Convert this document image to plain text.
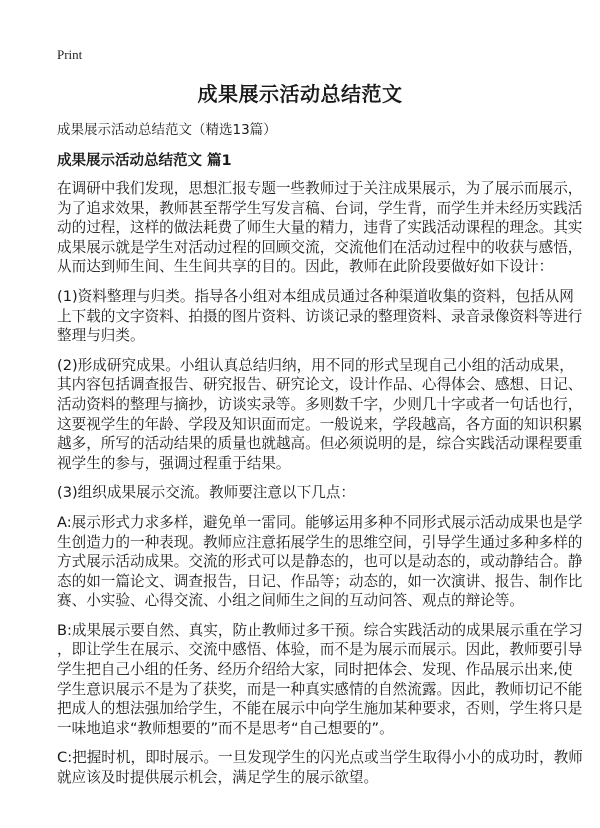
Print
成果展示活动总结范文
成果展示活动总结范文（精选13篇）
成果展示活动总结范文 篇1
在调研中我们发现，思想汇报专题一些教师过于关注成果展示，为了展示而展示，
为了追求效果，教师甚至帮学生写发言稿、台词，学生背，而学生并未经历实践活
动的过程，这样的做法耗费了师生大量的精力，违背了实践活动课程的理念。其实
成果展示就是学生对活动过程的回顾交流，交流他们在活动过程中的收获与感悟，
从而达到师生间、生生间共享的目的。因此，教师在此阶段要做好如下设计：
(1)资料整理与归类。指导各小组对本组成员通过各种渠道收集的资料，包括从网
上下载的文字资料、拍摄的图片资料、访谈记录的整理资料、录音录像资料等进行
整理与归类。
(2)形成研究成果。小组认真总结归纳，用不同的形式呈现自己小组的活动成果，
其内容包括调查报告、研究报告、研究论文，设计作品、心得体会、感想、日记、
活动资料的整理与摘抄，访谈实录等。多则数千字，少则几十字或者一句话也行，
这要视学生的年龄、学段及知识面而定。一般说来，学段越高，各方面的知识积累
越多，所写的活动结果的质量也就越高。但必须说明的是，综合实践活动课程要重
视学生的参与，强调过程重于结果。
(3)组织成果展示交流。教师要注意以下几点：
A:展示形式力求多样，避免单一雷同。能够运用多种不同形式展示活动成果也是学
生创造力的一种表现。教师应注意拓展学生的思维空间，引导学生通过多种多样的
方式展示活动成果。交流的形式可以是静态的，也可以是动态的，或动静结合。静
态的如一篇论文、调查报告，日记、作品等；动态的，如一次演讲、报告、制作比
赛、小实验、心得交流、小组之间师生之间的互动问答、观点的辩论等。
B:成果展示要自然、真实，防止教师过多干预。综合实践活动的成果展示重在学习
，即让学生在展示、交流中感悟、体验，而不是为展示而展示。因此，教师要引导
学生把自己小组的任务、经历介绍给大家，同时把体会、发现、作品展示出来,使
学生意识展示不是为了获奖，而是一种真实感情的自然流露。因此，教师切记不能
把成人的想法强加给学生，不能在展示中向学生施加某种要求，否则，学生将只是
一味地追求“教师想要的”而不是思考“自己想要的”。
C:把握时机，即时展示。一旦发现学生的闪光点或当学生取得小小的成功时，教师
就应该及时提供展示机会，满足学生的展示欲望。
